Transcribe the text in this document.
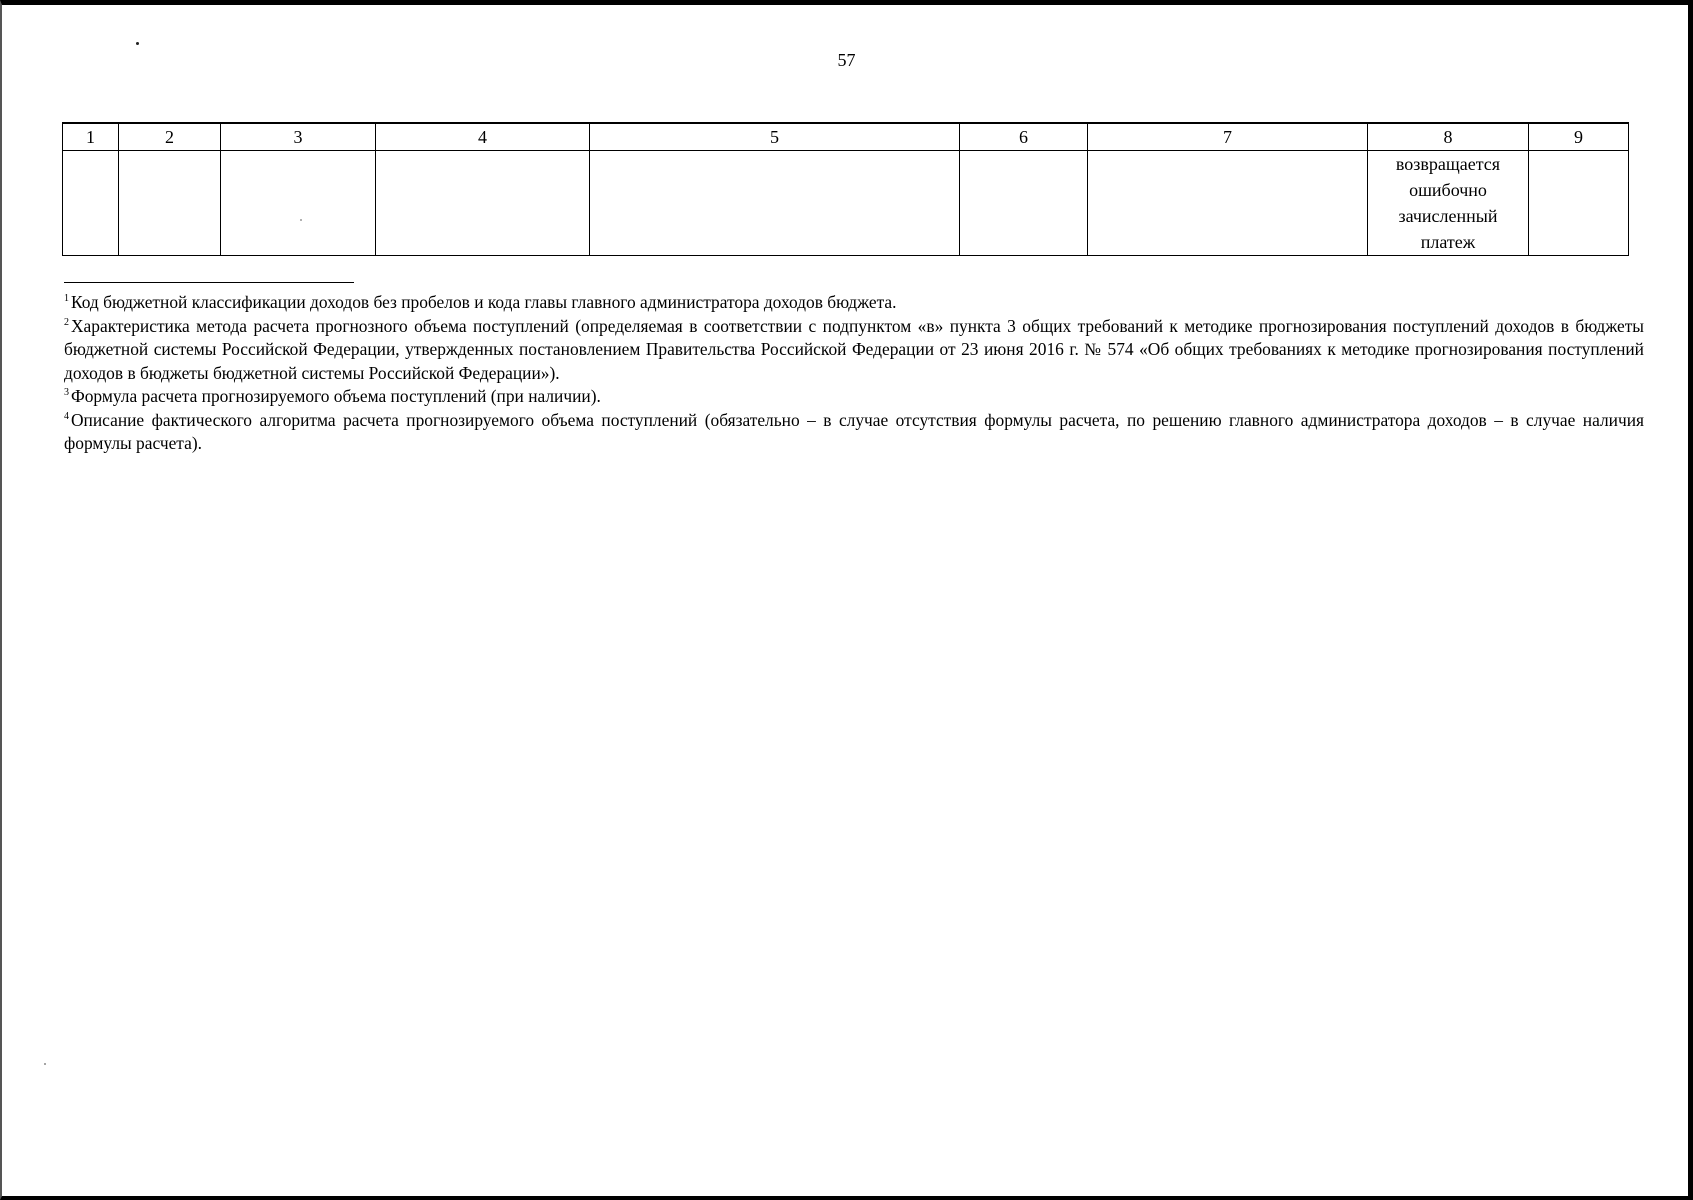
57
1	2	3	4	5	6	7	8	9

							возвращается
ошибочно
зачисленный
платеж	

$^1$ Код бюджетной классификации доходов без пробелов и кода главы главного администратора доходов бюджета.

$^2$ Характеристика метода расчета прогнозного объема поступлений (определяемая в соответствии с подпунктом «в» пункта 3 общих требований к методике прогнозирования поступлений доходов в бюджеты бюджетной системы Российской Федерации, утвержденных постановлением Правительства Российской Федерации от 23 июня 2016 г. № 574 «Об общих требованиях к методике прогнозирования поступлений доходов в бюджеты бюджетной системы Российской Федерации»).

$^3$ Формула расчета прогнозируемого объема поступлений (при наличии).

$^4$ Описание фактического алгоритма расчета прогнозируемого объема поступлений (обязательно – в случае отсутствия формулы расчета, по решению главного администратора доходов – в случае наличия формулы расчета).
